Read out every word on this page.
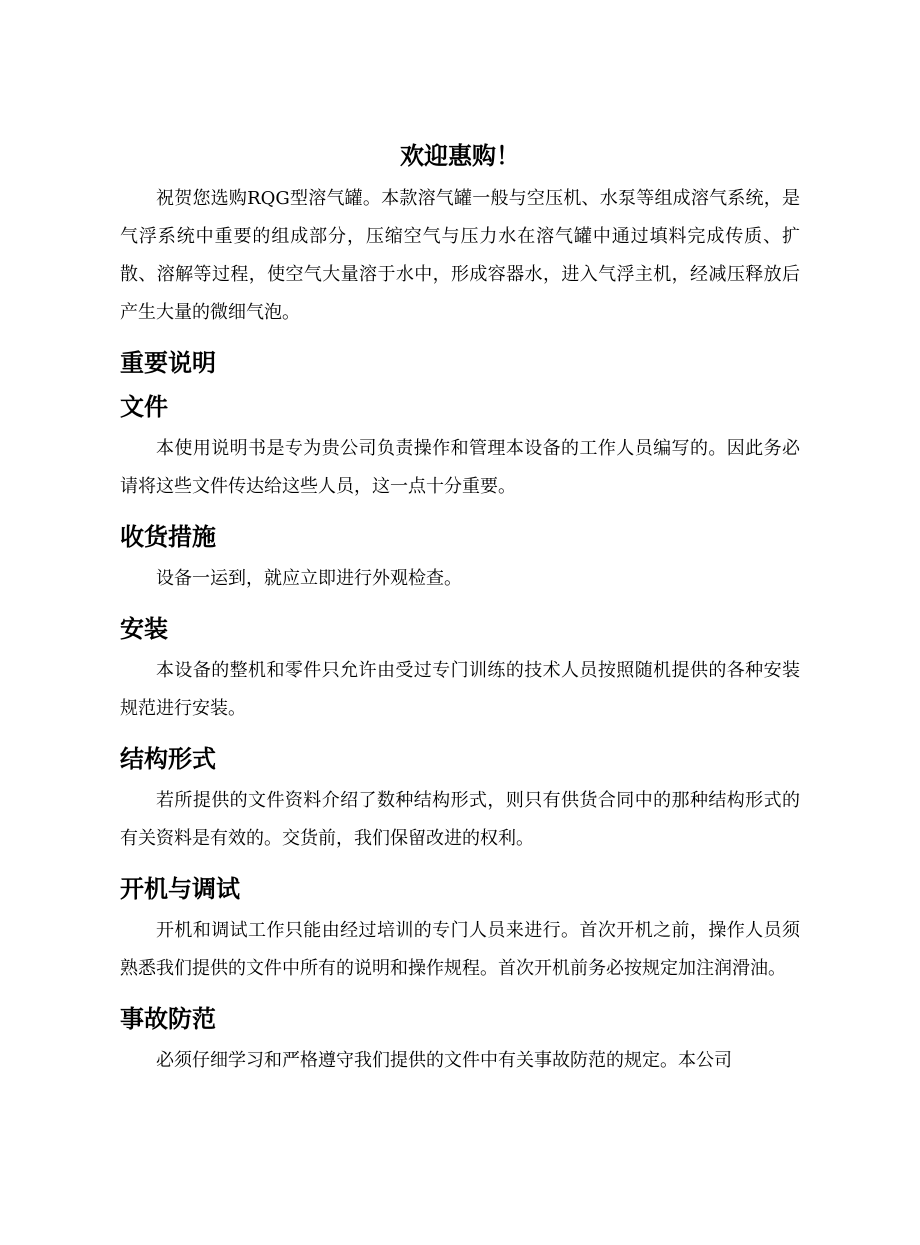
欢迎惠购！

祝贺您选购RQG型溶气罐。本款溶气罐一般与空压机、水泵等组成溶气系统，是气浮系统中重要的组成部分，压缩空气与压力水在溶气罐中通过填料完成传质、扩散、溶解等过程，使空气大量溶于水中，形成容器水，进入气浮主机，经减压释放后产生大量的微细气泡。

重要说明
文件

本使用说明书是专为贵公司负责操作和管理本设备的工作人员编写的。因此务必请将这些文件传达给这些人员，这一点十分重要。

收货措施

设备一运到，就应立即进行外观检查。

安装

本设备的整机和零件只允许由受过专门训练的技术人员按照随机提供的各种安装规范进行安装。

结构形式

若所提供的文件资料介绍了数种结构形式，则只有供货合同中的那种结构形式的有关资料是有效的。交货前，我们保留改进的权利。

开机与调试

开机和调试工作只能由经过培训的专门人员来进行。首次开机之前，操作人员须熟悉我们提供的文件中所有的说明和操作规程。首次开机前务必按规定加注润滑油。

事故防范

必须仔细学习和严格遵守我们提供的文件中有关事故防范的规定。本公司
